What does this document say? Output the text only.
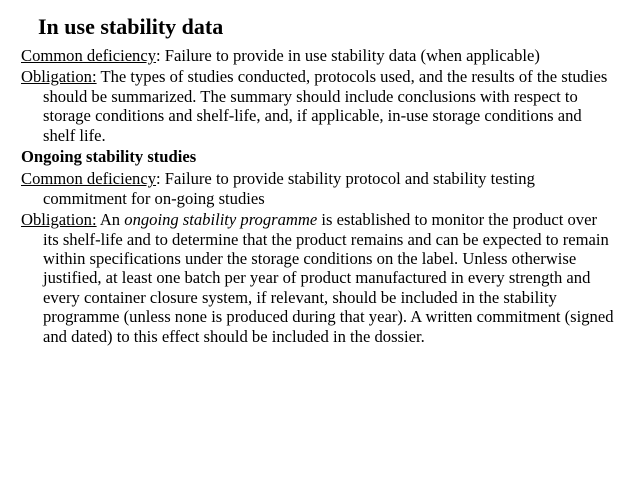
In use stability data

Common deficiency: Failure to provide in use stability data (when applicable)

Obligation: The types of studies conducted, protocols used, and the results of the studies should be summarized. The summary should include conclusions with respect to storage conditions and shelf-life, and, if applicable, in-use storage conditions and shelf life.

Ongoing stability studies

Common deficiency: Failure to provide stability protocol and stability testing commitment for on-going studies

Obligation: An ongoing stability programme is established to monitor the product over its shelf-life and to determine that the product remains and can be expected to remain within specifications under the storage conditions on the label. Unless otherwise justified, at least one batch per year of product manufactured in every strength and every container closure system, if relevant, should be included in the stability programme (unless none is produced during that year). A written commitment (signed and dated) to this effect should be included in the dossier.
